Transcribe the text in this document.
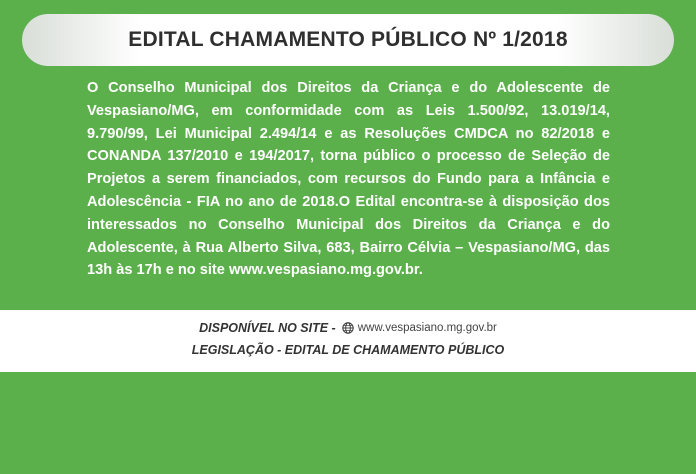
EDITAL CHAMAMENTO PÚBLICO Nº 1/2018
O Conselho Municipal dos Direitos da Criança e do Adolescente de Vespasiano/MG, em conformidade com as Leis 1.500/92, 13.019/14, 9.790/99, Lei Municipal 2.494/14 e as Resoluções CMDCA no 82/2018 e CONANDA 137/2010 e 194/2017, torna público o processo de Seleção de Projetos a serem financiados, com recursos do Fundo para a Infância e Adolescência - FIA no ano de 2018.O Edital encontra-se à disposição dos interessados no Conselho Municipal dos Direitos da Criança e do Adolescente, à Rua Alberto Silva, 683, Bairro Célvia – Vespasiano/MG, das 13h às 17h e no site www.vespasiano.mg.gov.br.
DISPONÍVEL NO SITE - www.vespasiano.mg.gov.br
LEGISLAÇÃO - EDITAL DE CHAMAMENTO PÚBLICO
